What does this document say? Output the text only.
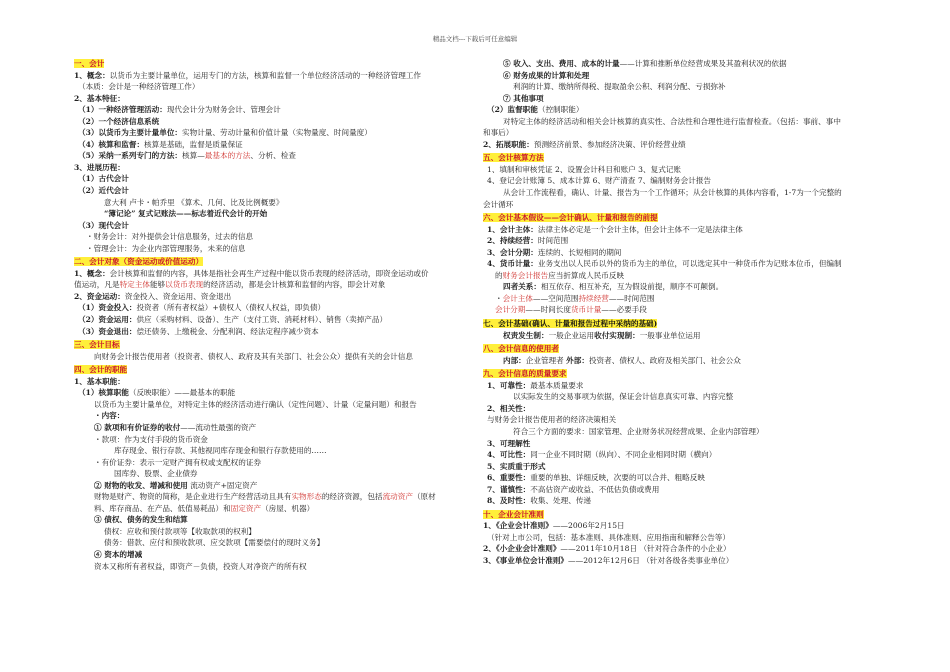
精品文档---下载后可任意编辑
一、会计
1、概念：以货币为主要计量单位，运用专门的方法，核算和监督一个单位经济活动的一种经济管理工作
（本质：会计是一种经济管理工作）
2、基本特征：
（1）一种经济管理活动：现代会计分为财务会计、管理会计
（2）一个经济信息系统
（3）以货币为主要计量单位：实物计量、劳动计量和价值计量（实物量度、时间量度）
（4）核算和监督：核算是基础，监督是质量保证
（5）采纳一系列专门的方法：核算—最基本的方法、分析、检查
3、进展历程：
（1）古代会计
（2）近代会计
意大利 卢卡・帕乔里 《算术、几何、比及比例概要》
“簿记论” 复式记账法——标志着近代会计的开始
（3）现代会计
・财务会计：对外提供会计信息服务，过去的信息
・管理会计：为企业内部管理服务，未来的信息
二、会计对象（资金运动或价值运动）
1、概念：会计核算和监督的内容，具体是指社会再生产过程中能以货币表现的经济活动，即资金运动或价
值运动，凡是特定主体能够以货币表现的经济活动，都是会计核算和监督的内容，即会计对象
2、资金运动：资金投入、资金运用、资金退出
（1）资金投入：投资者（所有者权益）+债权人（债权人权益，即负债）
（2）资金运用：供应（采购材料、设备）、生产（支付工资、消耗材料）、销售（卖掉产品）
（3）资金退出：偿还债务、上缴税金、分配利润、经法定程序减少资本
三、会计目标
向财务会计报告使用者（投资者、债权人、政府及其有关部门、社会公众）提供有关的会计信息
四、会计的职能
1、基本职能：
（1）核算职能（反映职能）——最基本的职能
以货币为主要计量单位，对特定主体的经济活动进行确认（定性问题）、计量（定量问题）和报告
・内容：
① 款项和有价证券的收付——流动性最强的资产
・款项：作为支付手段的货币资金
库存现金、银行存款、其他视同库存现金和银行存款使用的……
・有价证券：表示一定财产拥有权或支配权的证券
国库券、股票、企业债券
② 财物的收发、增减和使用 流动资产+固定资产
财物是财产、物资的简称，是企业进行生产经营活动且具有实物形态的经济资源，包括流动资产（原材
料、库存商品、在产品、低值易耗品）和固定资产（房屋、机器）
③ 债权、债务的发生和结算
债权：应收和预付款项等【收取款项的权利】
债务：借款、应付和预收款项、应交款项【需要偿付的现时义务】
④ 资本的增减
资本又称所有者权益，即资产－负债，投资人对净资产的所有权
⑤ 收入、支出、费用、成本的计量——计算和推断单位经营成果及其盈利状况的依据
⑥ 财务成果的计算和处理
利润的计算、缴纳所得税、提取盈余公积、利润分配、亏损弥补
⑦ 其他事项
（2）监督职能（控制职能）
对特定主体的经济活动和相关会计核算的真实性、合法性和合理性进行监督检查。（包括：事前、事中
和事后）
2、拓展职能：预测经济前景、参加经济决策、评价经营业绩
五、会计核算方法
1、填制和审核凭证 2、设置会计科目和账户 3、复式记账
4、登记会计账簿 5、成本计算 6、财产清查 7、编制财务会计报告
从会计工作流程看，确认、计量、报告为一个工作循环；从会计核算的具体内容看，1-7为一个完整的
会计循环
六、会计基本假设——会计确认、计量和报告的前提
1、会计主体：法律主体必定是一个会计主体，但会计主体不一定是法律主体
2、持续经营：时间范围
3、会计分期：连续的、长短相同的期间
4、货币计量：业务支出以人民币以外的货币为主的单位，可以选定其中一种货币作为记账本位币，但编制
的财务会计报告应当折算成人民币反映
四者关系：相互依存、相互补充，互为假设前提，顺序不可颠倒。
・会计主体——空间范围持续经营——时间范围
会计分期——时间长度货币计量——必要手段
七、会计基础(确认、计量和报告过程中采纳的基础)
权责发生制：一般企业运用收付实现制：一般事业单位运用
八、会计信息的使用者
内部：企业管理者 外部：投资者、债权人、政府及相关部门、社会公众
九、会计信息的质量要求
1、可靠性：最基本质量要求
以实际发生的交易事项为依据，保证会计信息真实可靠、内容完整
2、相关性：
与财务会计报告使用者的经济决策相关
符合三个方面的要求：国家管理、企业财务状况经营成果、企业内部管理）
3、可理解性
4、可比性：同一企业不同时期（纵向）、不同企业相同时期（横向）
5、实质重于形式
6、重要性：重要的单独、详细反映，次要的可以合并、粗略反映
7、谨慎性：不高估资产或收益、不低估负债或费用
8、及时性：收集、处理、传递
十、企业会计准则
1、《企业会计准则》——2006年2月15日
（针对上市公司，包括：基本准则、具体准则、应用指南和解释公告等）
2、《小企业会计准则》——2011年10月18日 （针对符合条件的小企业）
3、《事业单位会计准则》——2012年12月6日 （针对各级各类事业单位）
